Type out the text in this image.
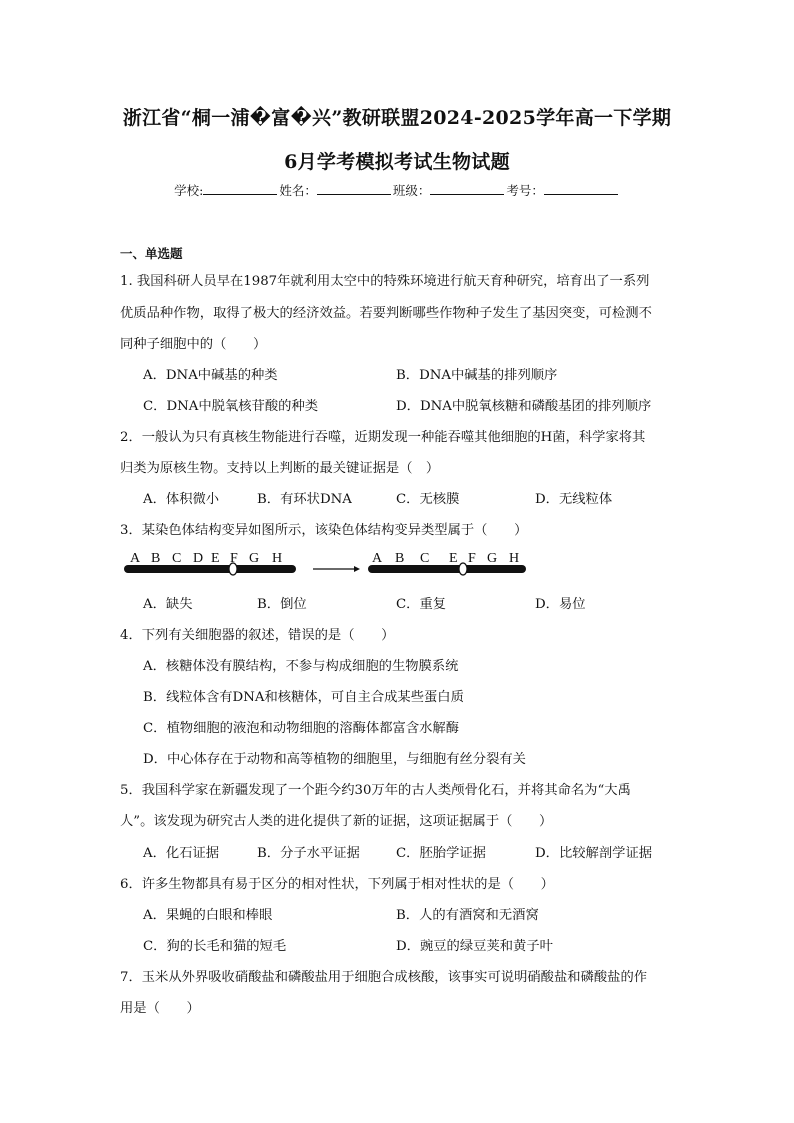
浙江省“桐一浦�富�兴”教研联盟2024-2025学年高一下学期
6月学考模拟考试生物试题
学校:	姓名：	班级：	考号：
一、单选题
1. 我国科研人员早在1987年就利用太空中的特殊环境进行航天育种研究，培育出了一系列
优质品种作物，取得了极大的经济效益。若要判断哪些作物种子发生了基因突变，可检测不
同种子细胞中的（　　）
A．DNA中碱基的种类	B．DNA中碱基的排列顺序
C．DNA中脱氧核苷酸的种类	D．DNA中脱氧核糖和磷酸基团的排列顺序
2．一般认为只有真核生物能进行吞噬，近期发现一种能吞噬其他细胞的H菌，科学家将其
归类为原核生物。支持以上判断的最关键证据是（　）
A．体积微小	B．有环状DNA	C．无核膜	D．无线粒体
3．某染色体结构变异如图所示，该染色体结构变异类型属于（　　）
A B C D E F G H	A B C E F G H
A．缺失	B．倒位	C．重复	D．易位
4．下列有关细胞器的叙述，错误的是（　　）
A．核糖体没有膜结构，不参与构成细胞的生物膜系统
B．线粒体含有DNA和核糖体，可自主合成某些蛋白质
C．植物细胞的液泡和动物细胞的溶酶体都富含水解酶
D．中心体存在于动物和高等植物的细胞里，与细胞有丝分裂有关
5．我国科学家在新疆发现了一个距今约30万年的古人类颅骨化石，并将其命名为“大禹
人”。该发现为研究古人类的进化提供了新的证据，这项证据属于（　　）
A．化石证据	B．分子水平证据	C．胚胎学证据	D．比较解剖学证据
6．许多生物都具有易于区分的相对性状，下列属于相对性状的是（　　）
A．果蝇的白眼和棒眼	B．人的有酒窝和无酒窝
C．狗的长毛和猫的短毛	D．豌豆的绿豆荚和黄子叶
7．玉米从外界吸收硝酸盐和磷酸盐用于细胞合成核酸，该事实可说明硝酸盐和磷酸盐的作
用是（　　）
